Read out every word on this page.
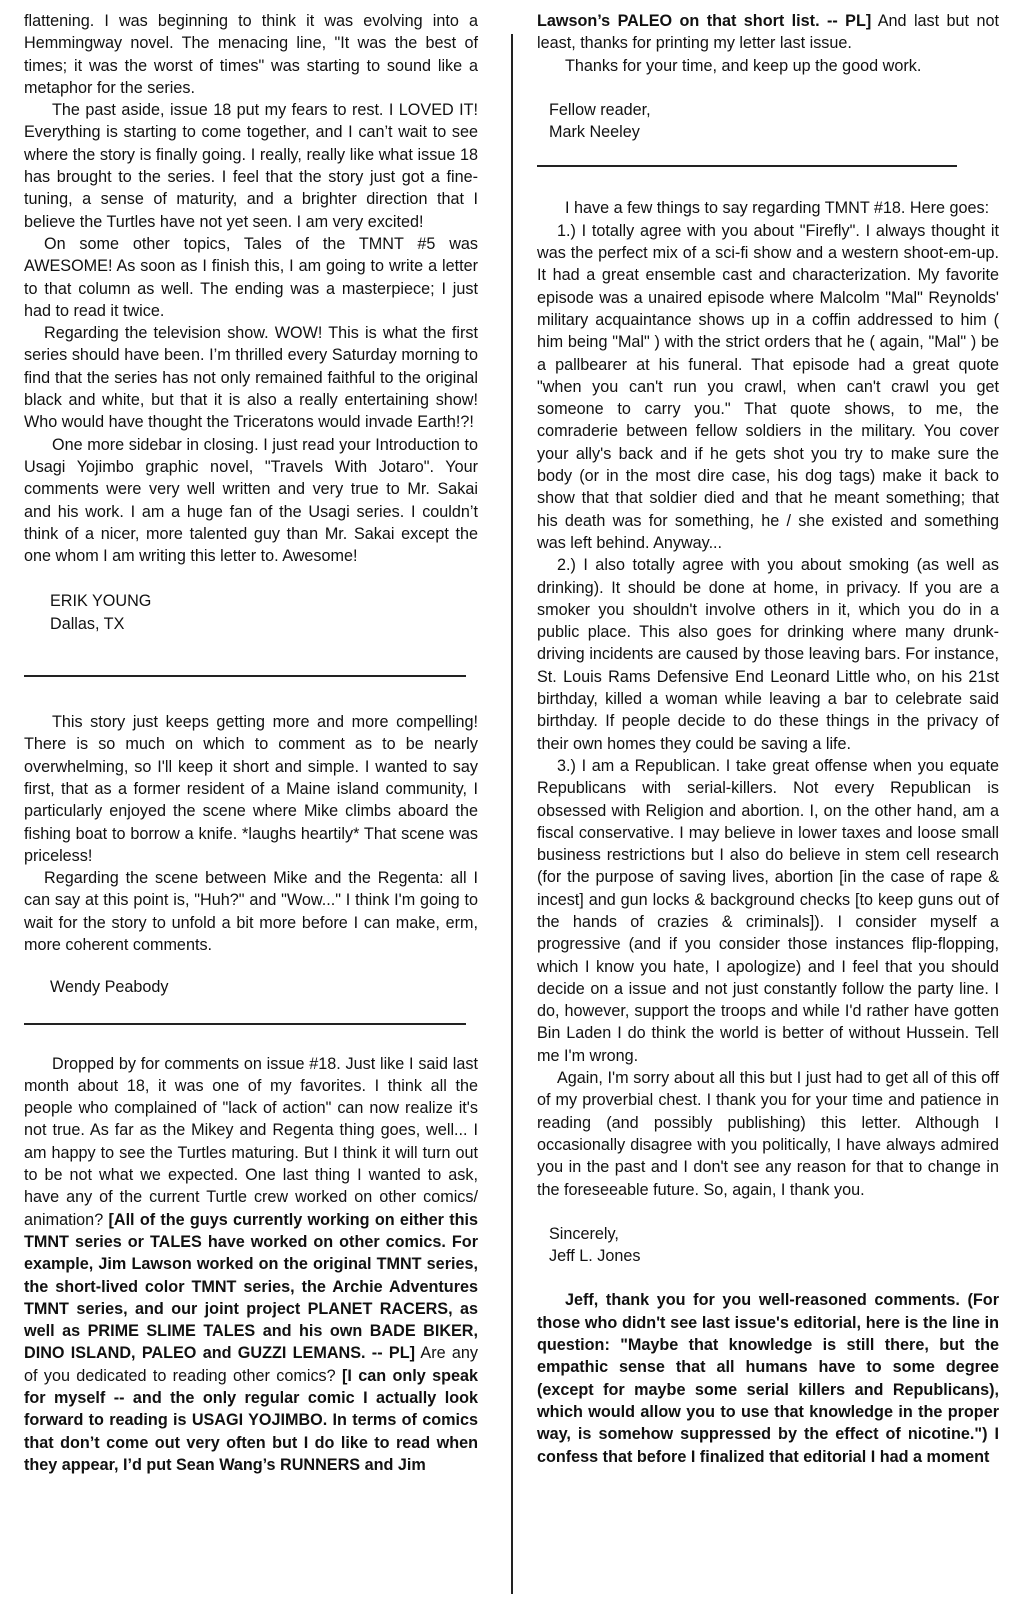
flattening. I was beginning to think it was evolving into a Hemmingway novel. The menacing line, "It was the best of times; it was the worst of times" was starting to sound like a metaphor for the series.

The past aside, issue 18 put my fears to rest. I LOVED IT! Everything is starting to come together, and I can’t wait to see where the story is finally going. I really, really like what issue 18 has brought to the series. I feel that the story just got a fine-tuning, a sense of maturity, and a brighter direction that I believe the Turtles have not yet seen. I am very excited!

On some other topics, Tales of the TMNT #5 was AWESOME! As soon as I finish this, I am going to write a letter to that column as well. The ending was a masterpiece; I just had to read it twice.

Regarding the television show. WOW! This is what the first series should have been. I’m thrilled every Saturday morning to find that the series has not only remained faithful to the original black and white, but that it is also a really entertaining show! Who would have thought the Triceratons would invade Earth!?!

One more sidebar in closing. I just read your Introduction to Usagi Yojimbo graphic novel, "Travels With Jotaro". Your comments were very well written and very true to Mr. Sakai and his work. I am a huge fan of the Usagi series. I couldn’t think of a nicer, more talented guy than Mr. Sakai except the one whom I am writing this letter to. Awesome!

ERIK YOUNG
Dallas, TX

This story just keeps getting more and more compelling! There is so much on which to comment as to be nearly overwhelming, so I'll keep it short and simple. I wanted to say first, that as a former resident of a Maine island community, I particularly enjoyed the scene where Mike climbs aboard the fishing boat to borrow a knife. *laughs heartily* That scene was priceless!

Regarding the scene between Mike and the Regenta: all I can say at this point is, "Huh?" and "Wow..." I think I'm going to wait for the story to unfold a bit more before I can make, erm, more coherent comments.

Wendy Peabody

Dropped by for comments on issue #18. Just like I said last month about 18, it was one of my favorites. I think all the people who complained of "lack of action" can now realize it's not true. As far as the Mikey and Regenta thing goes, well... I am happy to see the Turtles maturing. But I think it will turn out to be not what we expected. One last thing I wanted to ask, have any of the current Turtle crew worked on other comics/ animation? [All of the guys currently working on either this TMNT series or TALES have worked on other comics. For example, Jim Lawson worked on the original TMNT series, the short-lived color TMNT series, the Archie Adventures TMNT series, and our joint project PLANET RACERS, as well as PRIME SLIME TALES and his own BADE BIKER, DINO ISLAND, PALEO and GUZZI LEMANS. -- PL] Are any of you dedicated to reading other comics? [I can only speak for myself -- and the only regular comic I actually look forward to reading is USAGI YOJIMBO. In terms of comics that don’t come out very often but I do like to read when they appear, I’d put Sean Wang’s RUNNERS and Jim

Lawson’s PALEO on that short list. -- PL] And last but not least, thanks for printing my letter last issue.

Thanks for your time, and keep up the good work.

Fellow reader,
Mark Neeley

I have a few things to say regarding TMNT #18. Here goes:

1.) I totally agree with you about "Firefly". I always thought it was the perfect mix of a sci-fi show and a western shoot-em-up. It had a great ensemble cast and characterization. My favorite episode was a unaired episode where Malcolm "Mal" Reynolds' military acquaintance shows up in a coffin addressed to him ( him being "Mal" ) with the strict orders that he ( again, "Mal" ) be a pallbearer at his funeral. That episode had a great quote "when you can't run you crawl, when can't crawl you get someone to carry you." That quote shows, to me, the comraderie between fellow soldiers in the military. You cover your ally's back and if he gets shot you try to make sure the body (or in the most dire case, his dog tags) make it back to show that that soldier died and that he meant something; that his death was for something, he / she existed and something was left behind. Anyway...

2.) I also totally agree with you about smoking (as well as drinking). It should be done at home, in privacy. If you are a smoker you shouldn't involve others in it, which you do in a public place. This also goes for drinking where many drunk-driving incidents are caused by those leaving bars. For instance, St. Louis Rams Defensive End Leonard Little who, on his 21st birthday, killed a woman while leaving a bar to celebrate said birthday. If people decide to do these things in the privacy of their own homes they could be saving a life.

3.) I am a Republican. I take great offense when you equate Republicans with serial-killers. Not every Republican is obsessed with Religion and abortion. I, on the other hand, am a fiscal conservative. I may believe in lower taxes and loose small business restrictions but I also do believe in stem cell research (for the purpose of saving lives, abortion [in the case of rape & incest] and gun locks & background checks [to keep guns out of the hands of crazies & criminals]). I consider myself a progressive (and if you consider those instances flip-flopping, which I know you hate, I apologize) and I feel that you should decide on a issue and not just constantly follow the party line. I do, however, support the troops and while I'd rather have gotten Bin Laden I do think the world is better of without Hussein. Tell me I'm wrong.

Again, I'm sorry about all this but I just had to get all of this off of my proverbial chest. I thank you for your time and patience in reading (and possibly publishing) this letter. Although I occasionally disagree with you politically, I have always admired you in the past and I don't see any reason for that to change in the foreseeable future. So, again, I thank you.

Sincerely,
Jeff L. Jones

Jeff, thank you for you well-reasoned comments. (For those who didn't see last issue's editorial, here is the line in question: "Maybe that knowledge is still there, but the empathic sense that all humans have to some degree (except for maybe some serial killers and Republicans), which would allow you to use that knowledge in the proper way, is somehow suppressed by the effect of nicotine.") I confess that before I finalized that editorial I had a moment
